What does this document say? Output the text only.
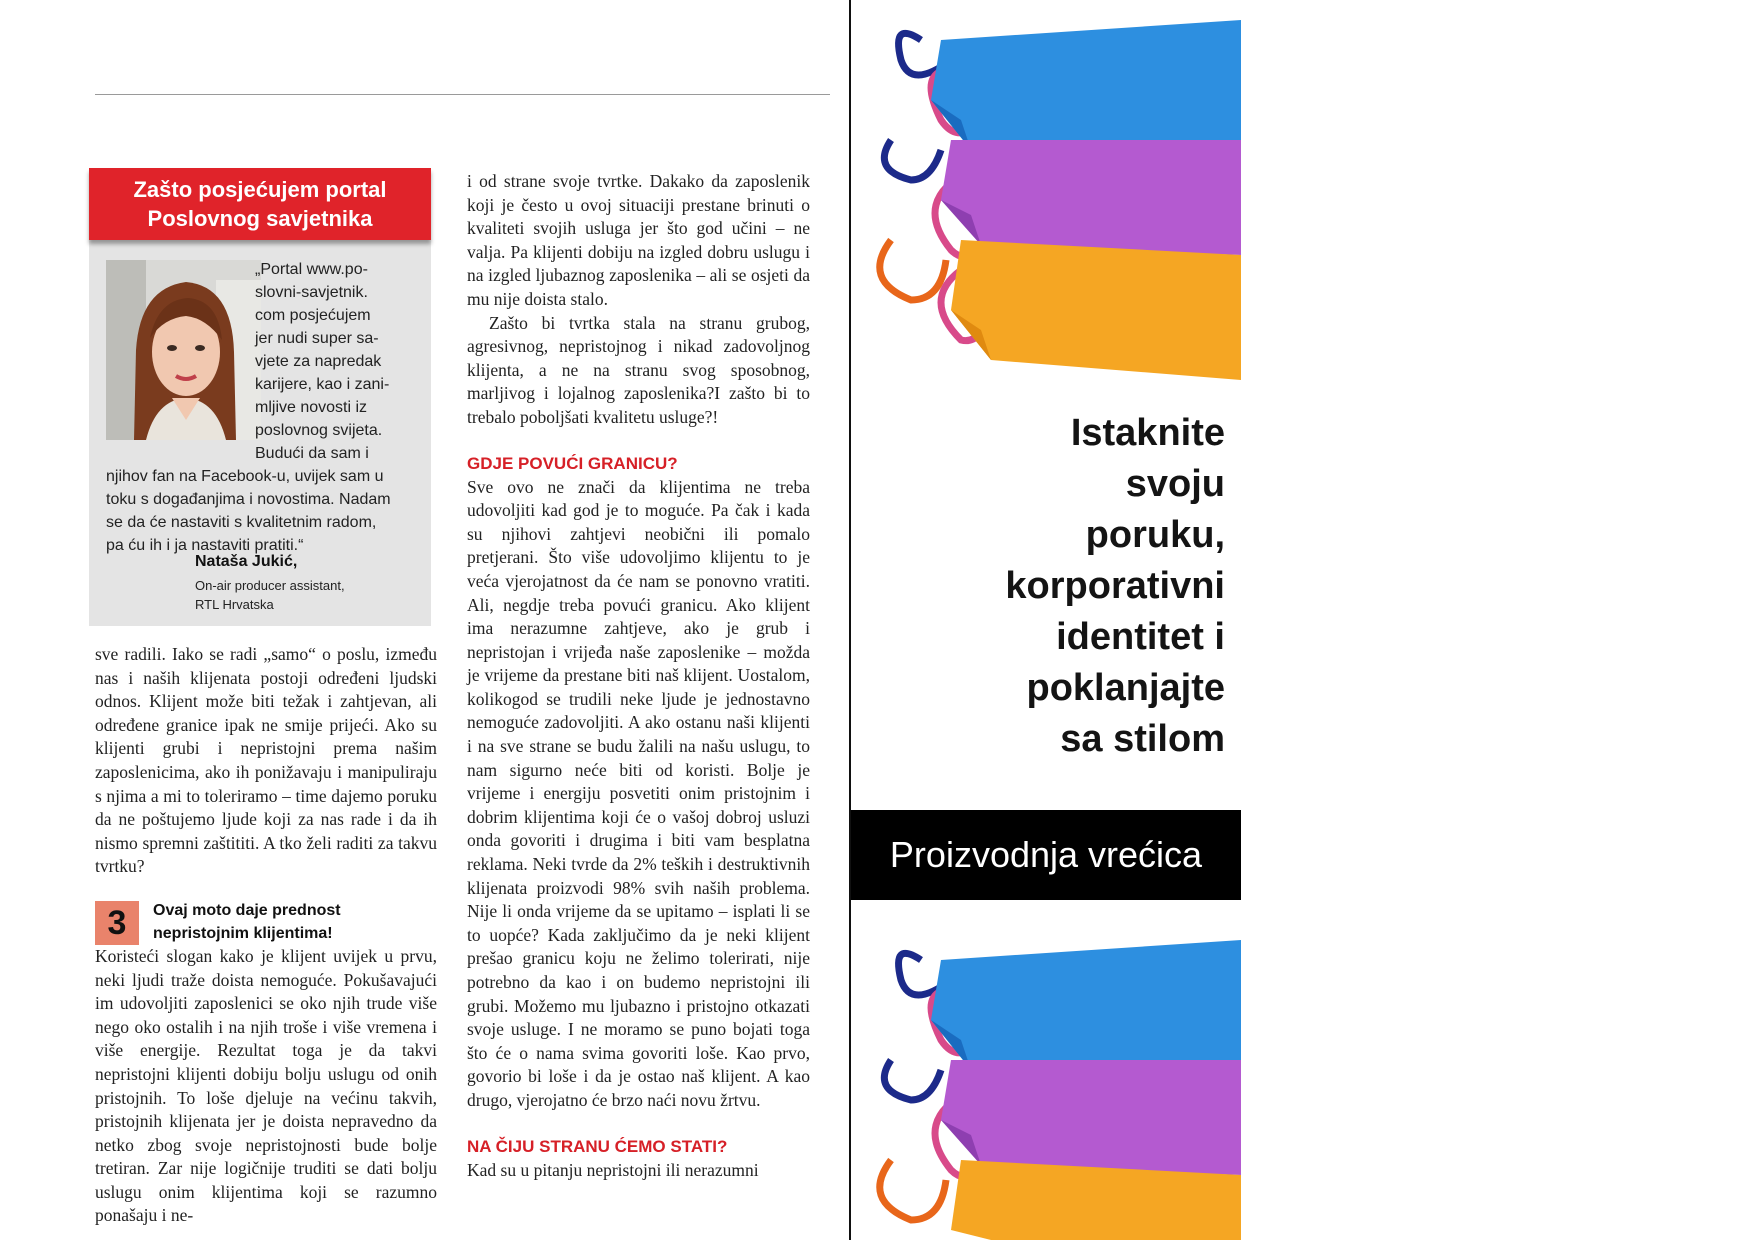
Zašto posjećujem portal
Poslovnog savjetnika
„Portal www.po-
slovni-savjetnik.
com posjećujem
jer nudi super sa-
vjete za napredak
karijere, kao i zani-
mljive novosti iz
poslovnog svijeta.
Budući da sam i
njihov fan na Facebook-u, uvijek sam u
toku s događanjima i novostima. Nadam
se da će nastaviti s kvalitetnim radom,
pa ću ih i ja nastaviti pratiti.“
Nataša Jukić,
On-air producer assistant,
RTL Hrvatska

sve radili. Iako se radi „samo“ o poslu, između nas i naših klijenata postoji određeni ljudski odnos. Klijent može biti težak i zahtjevan, ali određene granice ipak ne smije prijeći. Ako su klijenti grubi i nepristojni prema našim zaposlenicima, ako ih ponižavaju i manipuliraju s njima a mi to toleriramo – time dajemo poruku da ne poštujemo ljude koji za nas rade i da ih nismo spremni zaštititi. A tko želi raditi za takvu tvrtku?

3	Ovaj moto daje prednost
nepristojnim klijentima!

Koristeći slogan kako je klijent uvijek u prvu, neki ljudi traže doista nemoguće. Pokušavajući im udovoljiti zaposlenici se oko njih trude više nego oko ostalih i na njih troše i više vremena i više energije. Rezultat toga je da takvi nepristojni klijenti dobiju bolju uslugu od onih pristojnih. To loše djeluje na većinu takvih, pristojnih klijenata jer je doista nepravedno da netko zbog svoje nepristojnosti bude bolje tretiran. Zar nije logičnije truditi se dati bolju uslugu onim klijentima koji se razumno ponašaju i ne-

i od strane svoje tvrtke. Dakako da zaposlenik koji je često u ovoj situaciji prestane brinuti o kvaliteti svojih usluga jer što god učini – ne valja. Pa klijenti dobiju na izgled dobru uslugu i na izgled ljubaznog zaposlenika – ali se osjeti da mu nije doista stalo.

Zašto bi tvrtka stala na stranu grubog, agresivnog, nepristojnog i nikad zadovoljnog klijenta, a ne na stranu svog sposobnog, marljivog i lojalnog zaposlenika?I zašto bi to trebalo poboljšati kvalitetu usluge?!

GDJE POVUĆI GRANICU?

Sve ovo ne znači da klijentima ne treba udovoljiti kad god je to moguće. Pa čak i kada su njihovi zahtjevi neobični ili pomalo pretjerani. Što više udovoljimo klijentu to je veća vjerojatnost da će nam se ponovno vratiti. Ali, negdje treba povući granicu. Ako klijent ima nerazumne zahtjeve, ako je grub i nepristojan i vrijeđa naše zaposlenike – možda je vrijeme da prestane biti naš klijent. Uostalom, kolikogod se trudili neke ljude je jednostavno nemoguće zadovoljiti. A ako ostanu naši klijenti i na sve strane se budu žalili na našu uslugu, to nam sigurno neće biti od koristi. Bolje je vrijeme i energiju posvetiti onim pristojnim i dobrim klijentima koji će o vašoj dobroj usluzi onda govoriti i drugima i biti vam besplatna reklama. Neki tvrde da 2% teških i destruktivnih klijenata proizvodi 98% svih naših problema. Nije li onda vrijeme da se upitamo – isplati li se to uopće? Kada zaključimo da je neki klijent prešao granicu koju ne želimo tolerirati, nije potrebno da kao i on budemo nepristojni ili grubi. Možemo mu ljubazno i pristojno otkazati svoje usluge. I ne moramo se puno bojati toga što će o nama svima govoriti loše. Kao prvo, govorio bi loše i da je ostao naš klijent. A kao drugo, vjerojatno će brzo naći novu žrtvu.

NA ČIJU STRANU ĆEMO STATI?

Kad su u pitanju nepristojni ili nerazumni

Istaknite
svoju
poruku,
korporativni
identitet i
poklanjajte
sa stilom
Proizvodnja vrećica
